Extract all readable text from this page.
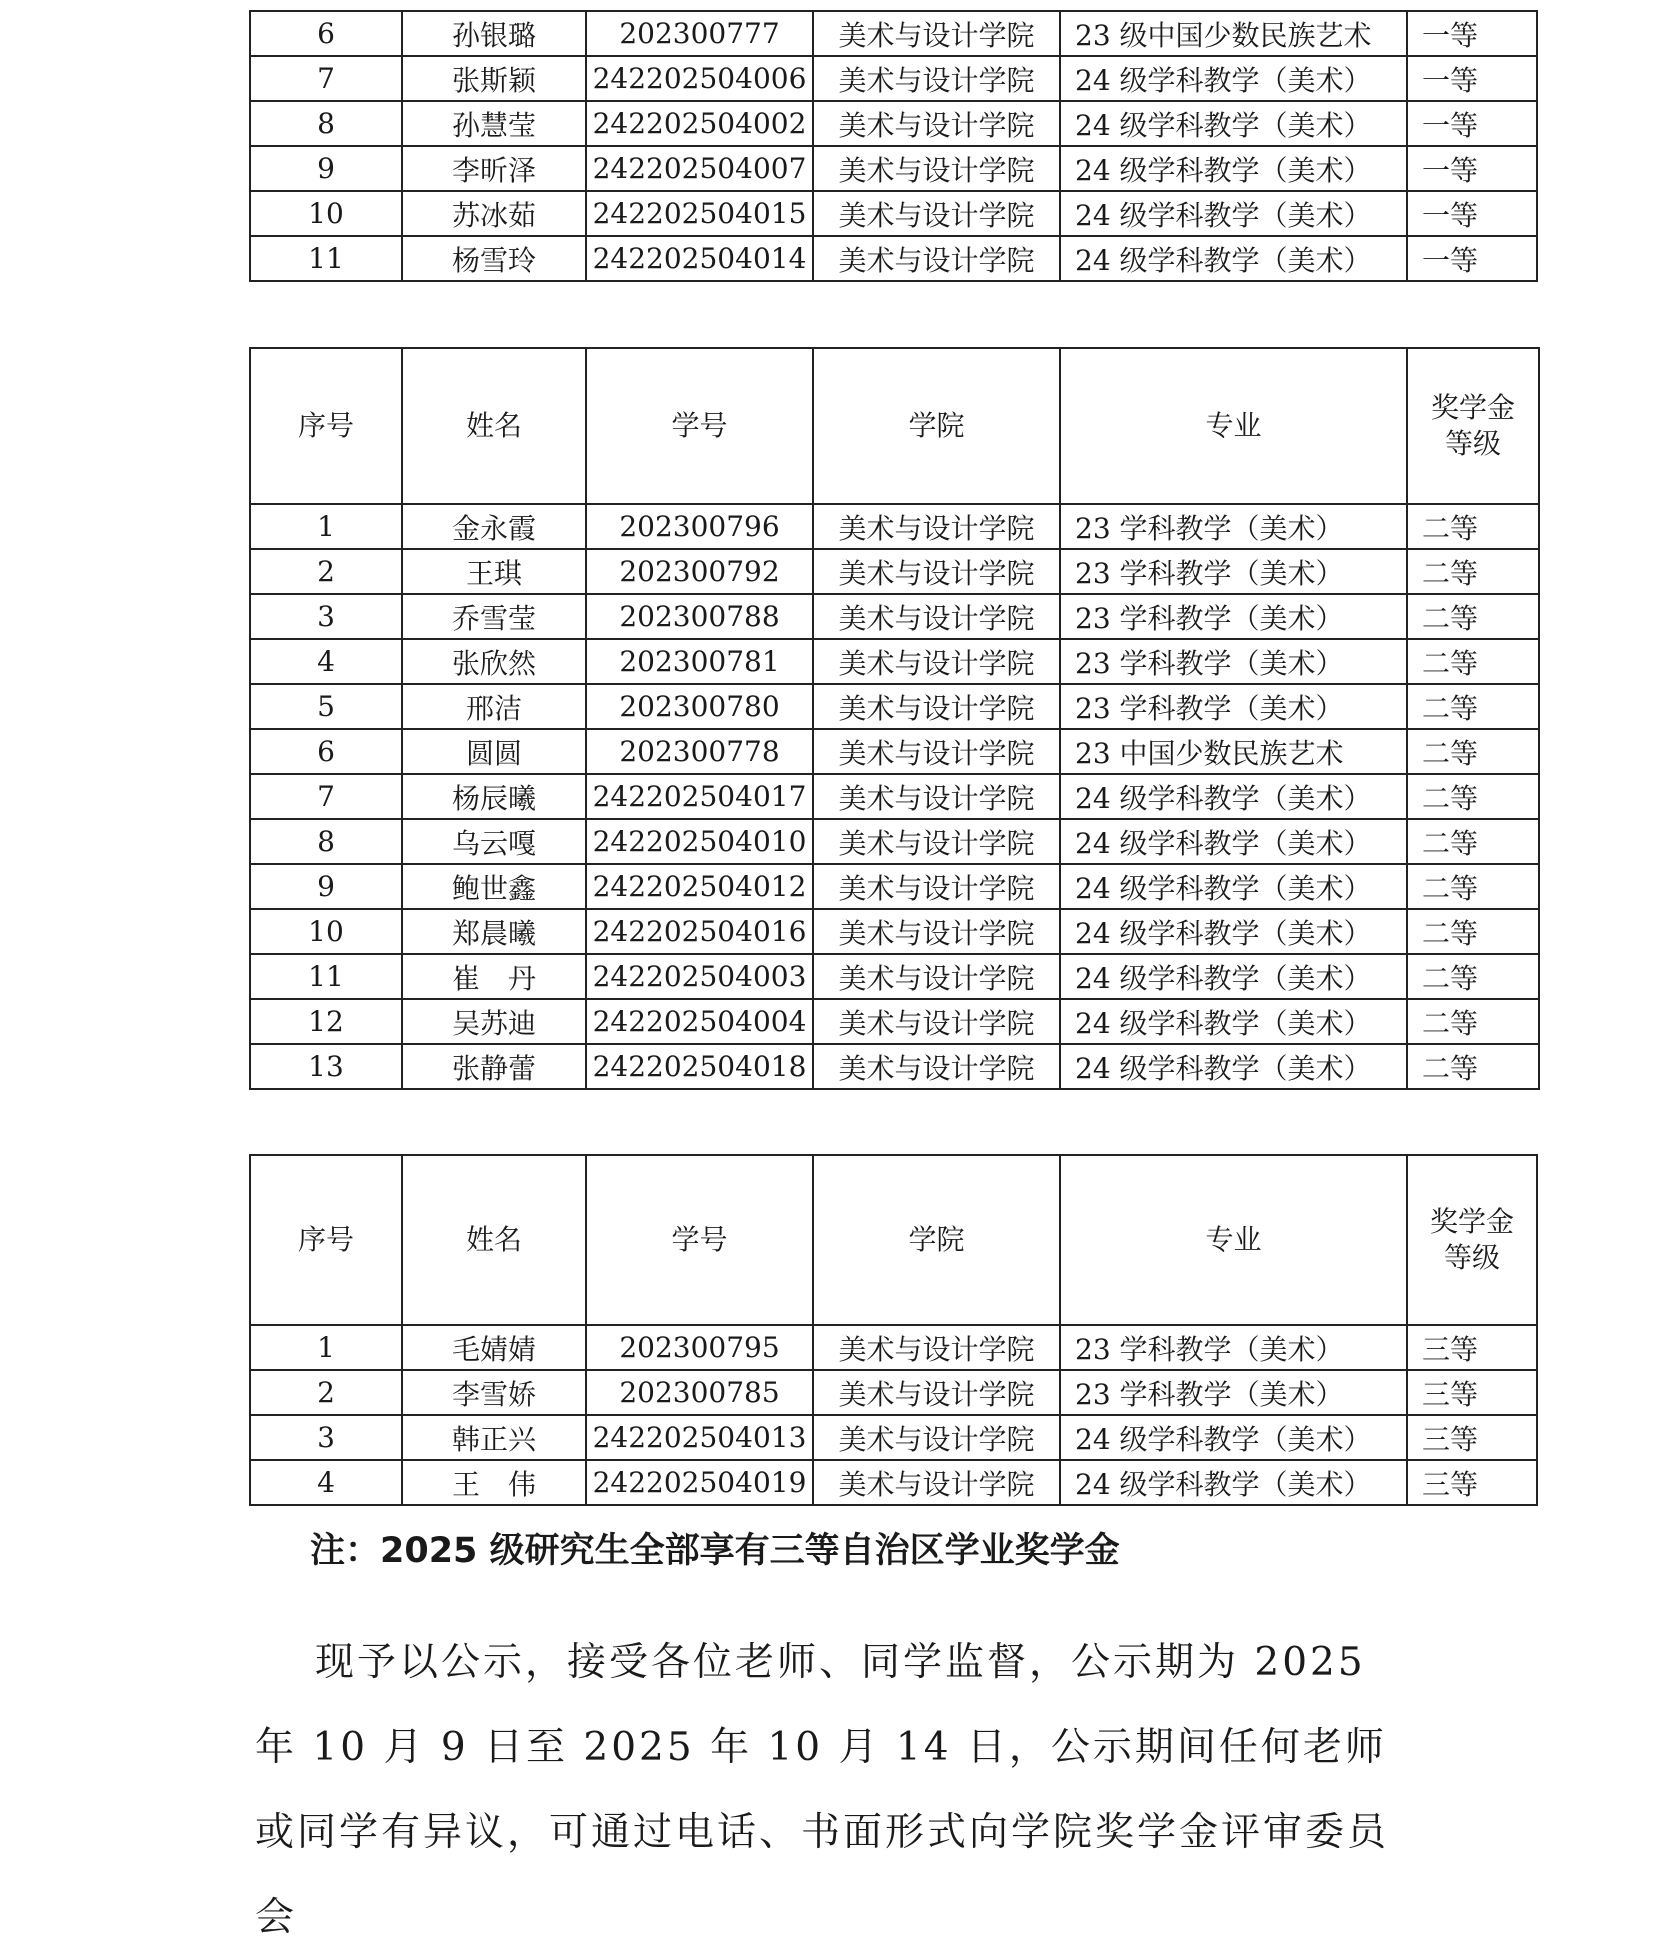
6	孙银璐	202300777	美术与设计学院	23 级中国少数民族艺术	一等
7	张斯颖	242202504006	美术与设计学院	24 级学科教学（美术）	一等
8	孙慧莹	242202504002	美术与设计学院	24 级学科教学（美术）	一等
9	李昕泽	242202504007	美术与设计学院	24 级学科教学（美术）	一等
10	苏冰茹	242202504015	美术与设计学院	24 级学科教学（美术）	一等
11	杨雪玲	242202504014	美术与设计学院	24 级学科教学（美术）	一等
序号	姓名	学号	学院	专业	奖学金
等级

1	金永霞	202300796	美术与设计学院	23 学科教学（美术）	二等
2	王琪	202300792	美术与设计学院	23 学科教学（美术）	二等
3	乔雪莹	202300788	美术与设计学院	23 学科教学（美术）	二等
4	张欣然	202300781	美术与设计学院	23 学科教学（美术）	二等
5	邢洁	202300780	美术与设计学院	23 学科教学（美术）	二等
6	圆圆	202300778	美术与设计学院	23 中国少数民族艺术	二等
7	杨辰曦	242202504017	美术与设计学院	24 级学科教学（美术）	二等
8	乌云嘎	242202504010	美术与设计学院	24 级学科教学（美术）	二等
9	鲍世鑫	242202504012	美术与设计学院	24 级学科教学（美术）	二等
10	郑晨曦	242202504016	美术与设计学院	24 级学科教学（美术）	二等
11	崔　丹	242202504003	美术与设计学院	24 级学科教学（美术）	二等
12	吴苏迪	242202504004	美术与设计学院	24 级学科教学（美术）	二等
13	张静蕾	242202504018	美术与设计学院	24 级学科教学（美术）	二等
序号	姓名	学号	学院	专业	奖学金
等级

1	毛婧婧	202300795	美术与设计学院	23 学科教学（美术）	三等
2	李雪娇	202300785	美术与设计学院	23 学科教学（美术）	三等
3	韩正兴	242202504013	美术与设计学院	24 级学科教学（美术）	三等
4	王　伟	242202504019	美术与设计学院	24 级学科教学（美术）	三等

注：2025 级研究生全部享有三等自治区学业奖学金

现予以公示，接受各位老师、同学监督，公示期为 2025 年 10 月 9 日至 2025 年 10 月 14 日，公示期间任何老师或同学有异议，可通过电话、书面形式向学院奖学金评审委员会
